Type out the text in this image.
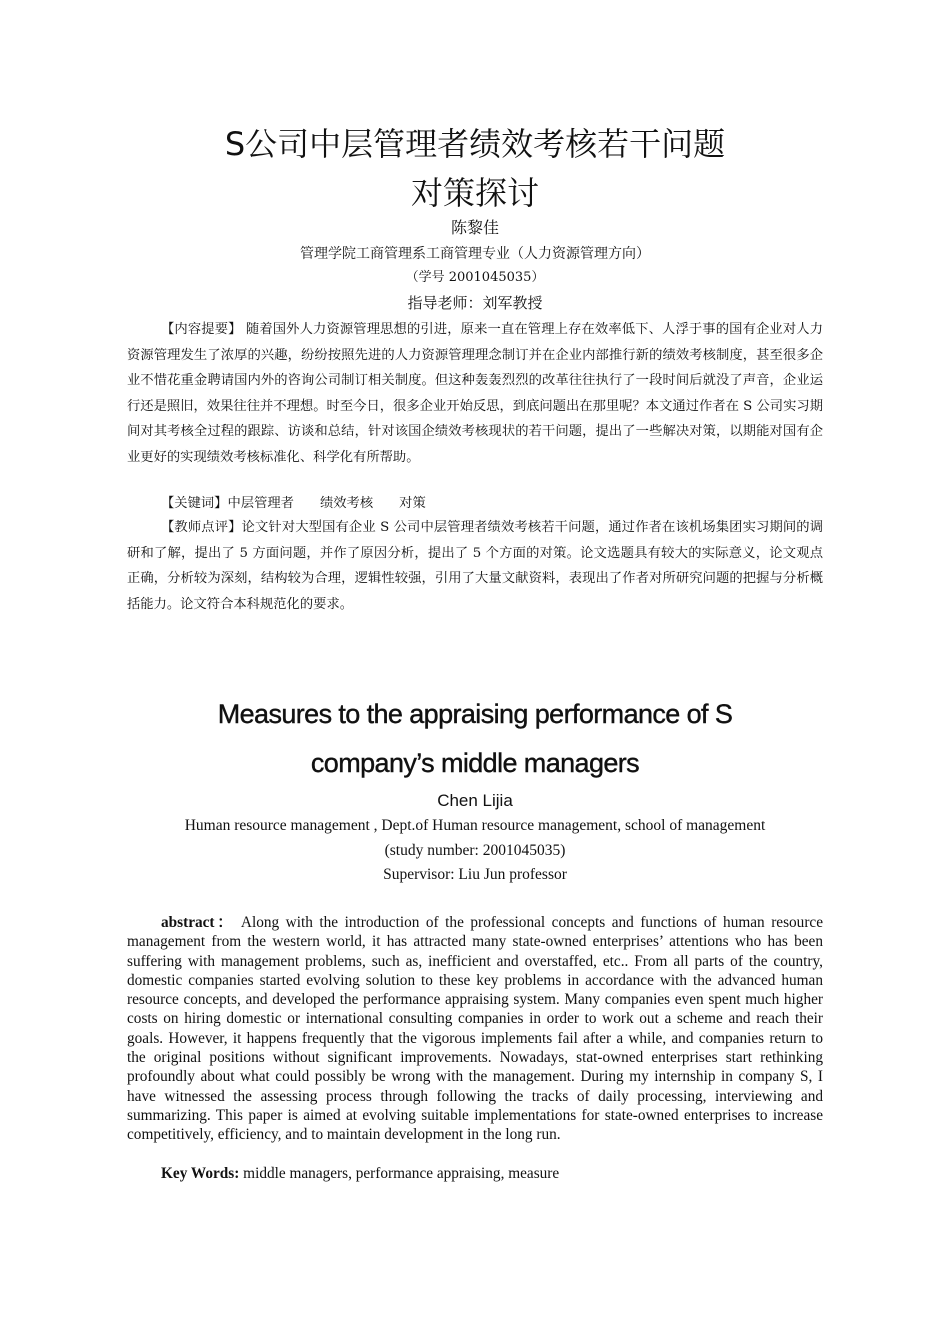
S公司中层管理者绩效考核若干问题
对策探讨

陈黎佳

管理学院工商管理系工商管理专业（人力资源管理方向）

（学号 2001045035）

指导老师：刘军教授

【内容提要】 随着国外人力资源管理思想的引进，原来一直在管理上存在效率低下、人浮于事的国有企业对人力资源管理发生了浓厚的兴趣，纷纷按照先进的人力资源管理理念制订并在企业内部推行新的绩效考核制度，甚至很多企业不惜花重金聘请国内外的咨询公司制订相关制度。但这种轰轰烈烈的改革往往执行了一段时间后就没了声音，企业运行还是照旧，效果往往并不理想。时至今日，很多企业开始反思，到底问题出在那里呢？本文通过作者在 S 公司实习期间对其考核全过程的跟踪、访谈和总结，针对该国企绩效考核现状的若干问题，提出了一些解决对策，以期能对国有企业更好的实现绩效考核标准化、科学化有所帮助。

【关键词】中层管理者 绩效考核 对策

【教师点评】论文针对大型国有企业 S 公司中层管理者绩效考核若干问题，通过作者在该机场集团实习期间的调研和了解，提出了 5 方面问题，并作了原因分析，提出了 5 个方面的对策。论文选题具有较大的实际意义，论文观点正确，分析较为深刻，结构较为合理，逻辑性较强，引用了大量文献资料，表现出了作者对所研究问题的把握与分析概括能力。论文符合本科规范化的要求。

Measures to the appraising performance of S
company’s middle managers

Chen Lijia

Human resource management , Dept.of Human resource management, school of management

(study number: 2001045035)

Supervisor: Liu Jun professor

abstract： Along with the introduction of the professional concepts and functions of human resource management from the western world, it has attracted many state-owned enterprises’ attentions who has been suffering with management problems, such as, inefficient and overstaffed, etc.. From all parts of the country, domestic companies started evolving solution to these key problems in accordance with the advanced human resource concepts, and developed the performance appraising system. Many companies even spent much higher costs on hiring domestic or international consulting companies in order to work out a scheme and reach their goals. However, it happens frequently that the vigorous implements fail after a while, and companies return to the original positions without significant improvements. Nowadays, stat-owned enterprises start rethinking profoundly about what could possibly be wrong with the management. During my internship in company S, I have witnessed the assessing process through following the tracks of daily processing, interviewing and summarizing. This paper is aimed at evolving suitable implementations for state-owned enterprises to increase competitively, efficiency, and to maintain development in the long run.

Key Words: middle managers, performance appraising, measure
